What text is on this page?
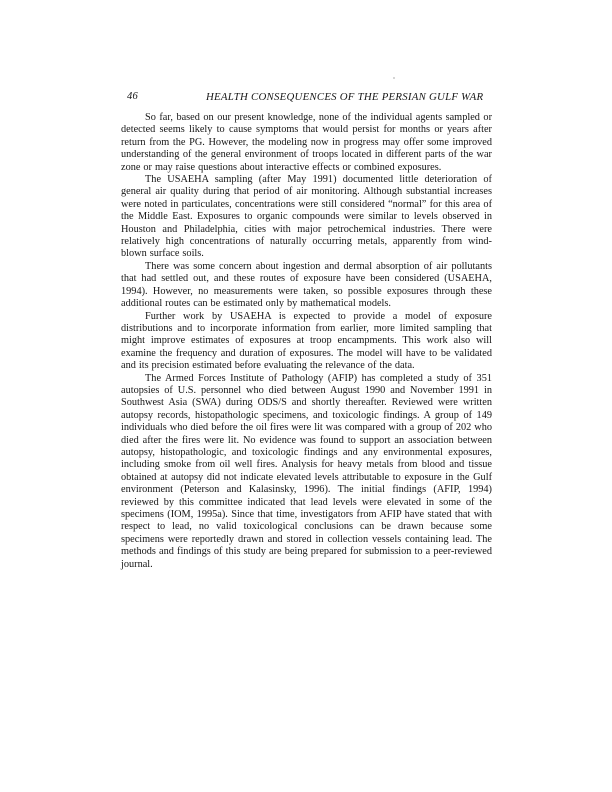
46	HEALTH CONSEQUENCES OF THE PERSIAN GULF WAR

So far, based on our present knowledge, none of the individual agents sampled or detected seems likely to cause symptoms that would persist for months or years after return from the PG. However, the modeling now in progress may offer some improved understanding of the general environment of troops located in different parts of the war zone or may raise questions about interactive effects or combined exposures.

The USAEHA sampling (after May 1991) documented little deterioration of general air quality during that period of air monitoring. Although substantial increases were noted in particulates, concentrations were still considered “normal” for this area of the Middle East. Exposures to organic compounds were similar to levels observed in Houston and Philadelphia, cities with major petrochemical industries. There were relatively high concentrations of naturally occurring metals, apparently from wind-blown surface soils.

There was some concern about ingestion and dermal absorption of air pollutants that had settled out, and these routes of exposure have been considered (USAEHA, 1994). However, no measurements were taken, so possible exposures through these additional routes can be estimated only by mathematical models.

Further work by USAEHA is expected to provide a model of exposure distributions and to incorporate information from earlier, more limited sampling that might improve estimates of exposures at troop encampments. This work also will examine the frequency and duration of exposures. The model will have to be validated and its precision estimated before evaluating the relevance of the data.

The Armed Forces Institute of Pathology (AFIP) has completed a study of 351 autopsies of U.S. personnel who died between August 1990 and November 1991 in Southwest Asia (SWA) during ODS/S and shortly thereafter. Reviewed were written autopsy records, histopathologic specimens, and toxicologic findings. A group of 149 individuals who died before the oil fires were lit was compared with a group of 202 who died after the fires were lit. No evidence was found to support an association between autopsy, histopathologic, and toxicologic findings and any environmental exposures, including smoke from oil well fires. Analysis for heavy metals from blood and tissue obtained at autopsy did not indicate elevated levels attributable to exposure in the Gulf environment (Peterson and Kalasinsky, 1996). The initial findings (AFIP, 1994) reviewed by this committee indicated that lead levels were elevated in some of the specimens (IOM, 1995a). Since that time, investigators from AFIP have stated that with respect to lead, no valid toxicological conclusions can be drawn because some specimens were reportedly drawn and stored in collection vessels containing lead. The methods and findings of this study are being prepared for submission to a peer-reviewed journal.
